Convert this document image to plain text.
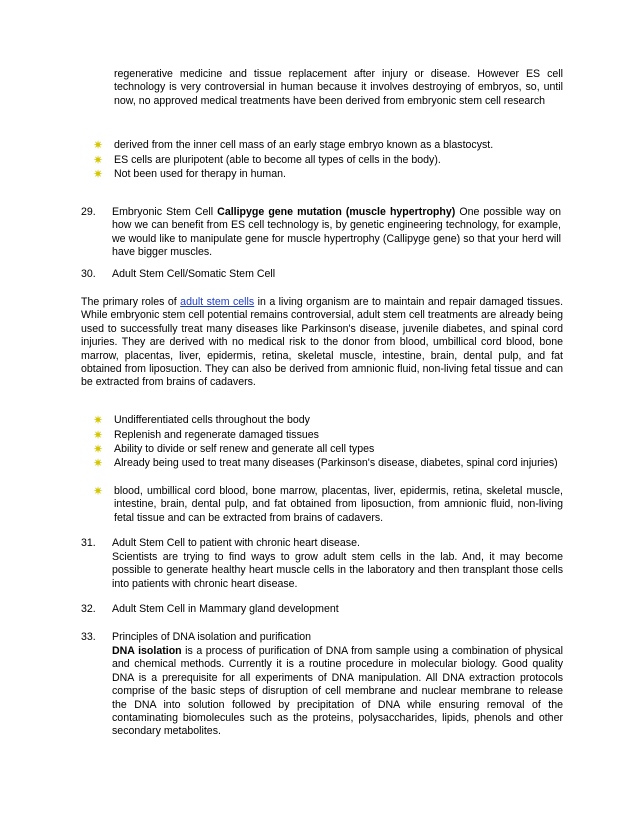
regenerative medicine and tissue replacement after injury or disease. However ES cell technology is very controversial in human because it involves destroying of embryos, so, until now, no approved medical treatments have been derived from embryonic stem cell research
✷ derived from the inner cell mass of an early stage embryo known as a blastocyst.
✷ ES cells are pluripotent (able to become all types of cells in the body).
✷ Not been used for therapy in human.
29. Embryonic Stem Cell Callipyge gene mutation (muscle hypertrophy) One possible way on how we can benefit from ES cell technology is, by genetic engineering technology, for example, we would like to manipulate gene for muscle hypertrophy (Callipyge gene) so that your herd will have bigger muscles.
30. Adult Stem Cell/Somatic Stem Cell
The primary roles of adult stem cells in a living organism are to maintain and repair damaged tissues. While embryonic stem cell potential remains controversial, adult stem cell treatments are already being used to successfully treat many diseases like Parkinson's disease, juvenile diabetes, and spinal cord injuries. They are derived with no medical risk to the donor from blood, umbillical cord blood, bone marrow, placentas, liver, epidermis, retina, skeletal muscle, intestine, brain, dental pulp, and fat obtained from liposuction. They can also be derived from amnionic fluid, non-living fetal tissue and can be extracted from brains of cadavers.
✷ Undifferentiated cells throughout the body
✷ Replenish and regenerate damaged tissues
✷ Ability to divide or self renew and generate all cell types
✷ Already being used to treat many diseases (Parkinson's disease, diabetes, spinal cord injuries)
✷ blood, umbillical cord blood, bone marrow, placentas, liver, epidermis, retina, skeletal muscle, intestine, brain, dental pulp, and fat obtained from liposuction, from amnionic fluid, non-living fetal tissue and can be extracted from brains of cadavers.
31. Adult Stem Cell to patient with chronic heart disease.
Scientists are trying to find ways to grow adult stem cells in the lab. And, it may become possible to generate healthy heart muscle cells in the laboratory and then transplant those cells into patients with chronic heart disease.
32. Adult Stem Cell in Mammary gland development
33. Principles of DNA isolation and purification
DNA isolation is a process of purification of DNA from sample using a combination of physical and chemical methods. Currently it is a routine procedure in molecular biology. Good quality DNA is a prerequisite for all experiments of DNA manipulation. All DNA extraction protocols comprise of the basic steps of disruption of cell membrane and nuclear membrane to release the DNA into solution followed by precipitation of DNA while ensuring removal of the contaminating biomolecules such as the proteins, polysaccharides, lipids, phenols and other secondary metabolites.
